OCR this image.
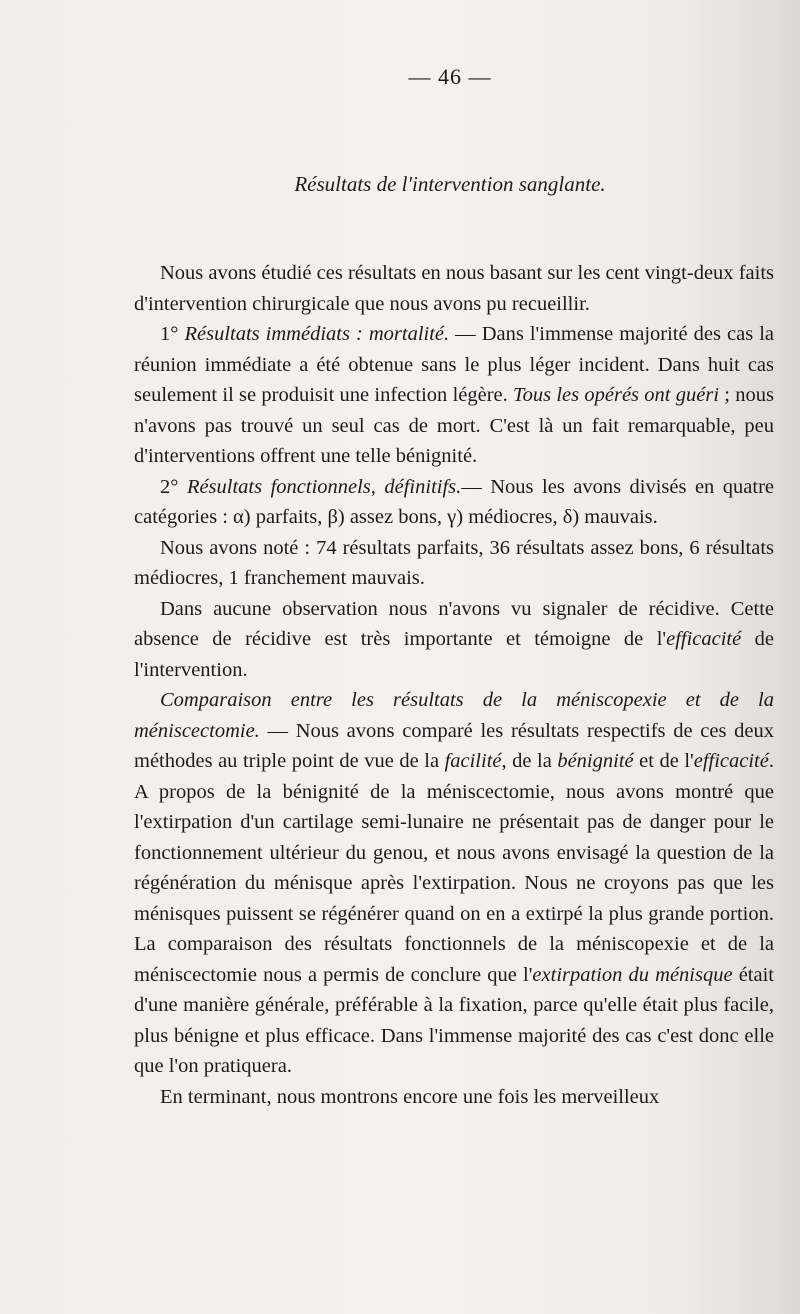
— 46 —
Résultats de l'intervention sanglante.

Nous avons étudié ces résultats en nous basant sur les cent vingt-deux faits d'intervention chirurgicale que nous avons pu recueillir.

1° Résultats immédiats : mortalité. — Dans l'immense majorité des cas la réunion immédiate a été obtenue sans le plus léger incident. Dans huit cas seulement il se produisit une infection légère. Tous les opérés ont guéri ; nous n'avons pas trouvé un seul cas de mort. C'est là un fait remarquable, peu d'interventions offrent une telle bénignité.

2° Résultats fonctionnels, définitifs.— Nous les avons divisés en quatre catégories : α) parfaits, β) assez bons, γ) médiocres, δ) mauvais.

Nous avons noté : 74 résultats parfaits, 36 résultats assez bons, 6 résultats médiocres, 1 franchement mauvais.

Dans aucune observation nous n'avons vu signaler de récidive. Cette absence de récidive est très importante et témoigne de l'efficacité de l'intervention.

Comparaison entre les résultats de la méniscopexie et de la méniscectomie. — Nous avons comparé les résultats respectifs de ces deux méthodes au triple point de vue de la facilité, de la bénignité et de l'efficacité. A propos de la bénignité de la méniscectomie, nous avons montré que l'extirpation d'un cartilage semi-lunaire ne présentait pas de danger pour le fonctionnement ultérieur du genou, et nous avons envisagé la question de la régénération du ménisque après l'extirpation. Nous ne croyons pas que les ménisques puissent se régénérer quand on en a extirpé la plus grande portion. La comparaison des résultats fonctionnels de la méniscopexie et de la méniscectomie nous a permis de conclure que l'extirpation du ménisque était d'une manière générale, préférable à la fixation, parce qu'elle était plus facile, plus bénigne et plus efficace. Dans l'immense majorité des cas c'est donc elle que l'on pratiquera.

En terminant, nous montrons encore une fois les merveilleux
